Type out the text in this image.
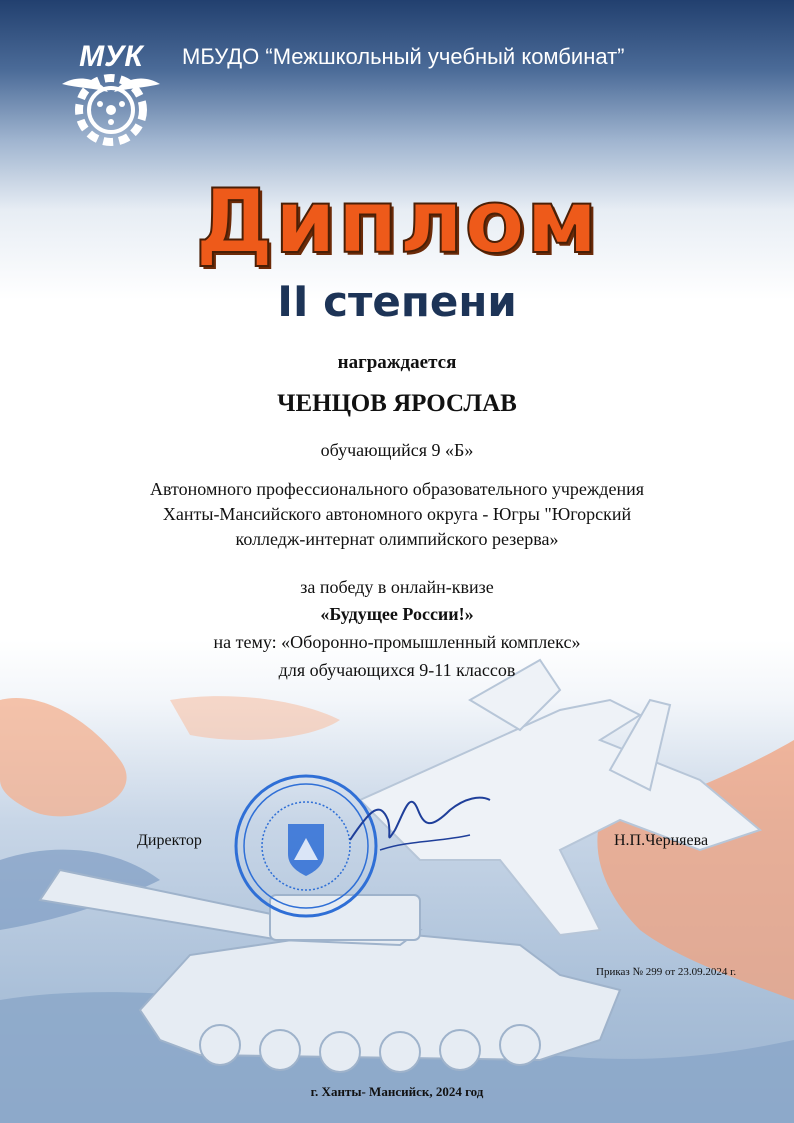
МУК МБУДО “Межшкольный учебный комбинат”
Диплом
II степени
награждается
ЧЕНЦОВ ЯРОСЛАВ
обучающийся 9 «Б»
Автономного профессионального образовательного учреждения
Ханты-Мансийского автономного округа - Югры "Югорский
колледж-интернат олимпийского резерва»
за победу в онлайн-квизе
«Будущее России!»
на тему: «Оборонно-промышленный комплекс»
для обучающихся 9-11 классов
Директор	Н.П.Черняева
Приказ № 299 от 23.09.2024 г.
г. Ханты- Мансийск, 2024 год
